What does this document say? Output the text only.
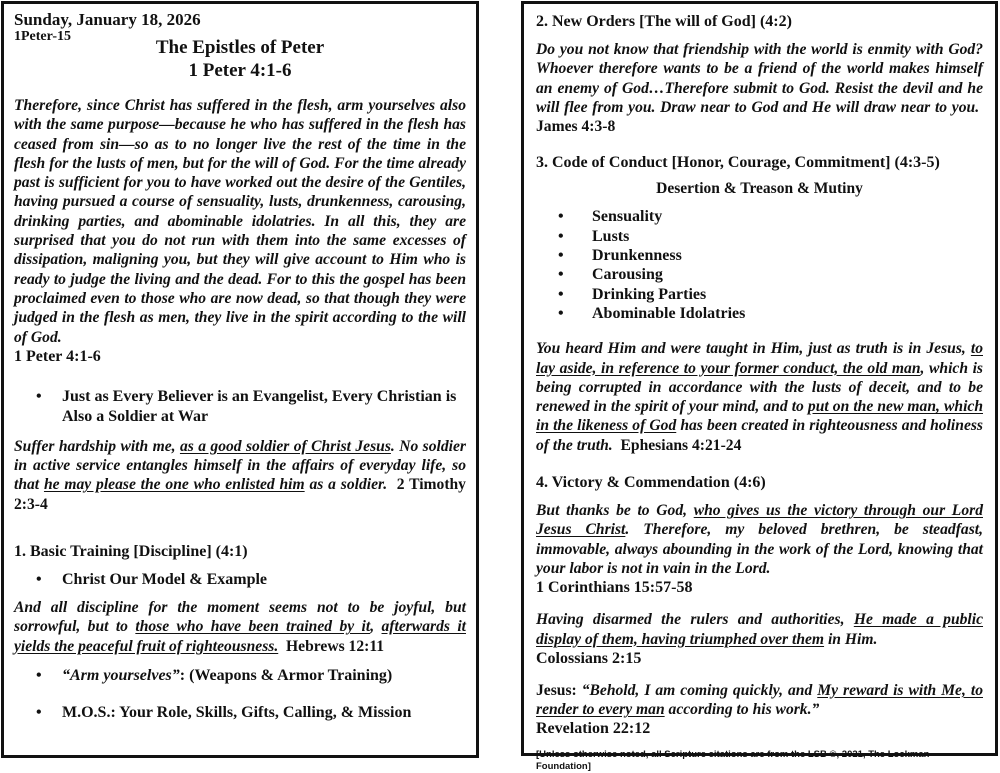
Sunday, January 18, 2026
1Peter-15
The Epistles of Peter
1 Peter 4:1-6

Therefore, since Christ has suffered in the flesh, arm yourselves also with the same purpose—because he who has suffered in the flesh has ceased from sin—so as to no longer live the rest of the time in the flesh for the lusts of men, but for the will of God. For the time already past is sufficient for you to have worked out the desire of the Gentiles, having pursued a course of sensuality, lusts, drunkenness, carousing, drinking parties, and abominable idolatries. In all this, they are surprised that you do not run with them into the same excesses of dissipation, maligning you, but they will give account to Him who is ready to judge the living and the dead. For to this the gospel has been proclaimed even to those who are now dead, so that though they were judged in the flesh as men, they live in the spirit according to the will of God.

1 Peter 4:1-6
• Just as Every Believer is an Evangelist, Every Christian is Also a Soldier at War

Suffer hardship with me, as a good soldier of Christ Jesus. No soldier in active service entangles himself in the affairs of everyday life, so that he may please the one who enlisted him as a soldier. 2 Timothy 2:3-4

1. Basic Training [Discipline] (4:1)
• Christ Our Model & Example

And all discipline for the moment seems not to be joyful, but sorrowful, but to those who have been trained by it, afterwards it yields the peaceful fruit of righteousness. Hebrews 12:11

• “Arm yourselves”: (Weapons & Armor Training)
• M.O.S.: Your Role, Skills, Gifts, Calling, & Mission
2. New Orders [The will of God] (4:2)

Do you not know that friendship with the world is enmity with God? Whoever therefore wants to be a friend of the world makes himself an enemy of God…Therefore submit to God. Resist the devil and he will flee from you. Draw near to God and He will draw near to you.  James 4:3-8

3. Code of Conduct [Honor, Courage, Commitment] (4:3-5)
Desertion & Treason & Mutiny
• Sensuality
• Lusts
• Drunkenness
• Carousing
• Drinking Parties
• Abominable Idolatries

You heard Him and were taught in Him, just as truth is in Jesus, to lay aside, in reference to your former conduct, the old man, which is being corrupted in accordance with the lusts of deceit, and to be renewed in the spirit of your mind, and to put on the new man, which in the likeness of God has been created in righteousness and holiness of the truth. Ephesians 4:21-24

4. Victory & Commendation (4:6)

But thanks be to God, who gives us the victory through our Lord Jesus Christ. Therefore, my beloved brethren, be steadfast, immovable, always abounding in the work of the Lord, knowing that your labor is not in vain in the Lord.

1 Corinthians 15:57-58

Having disarmed the rulers and authorities, He made a public display of them, having triumphed over them in Him.

Colossians 2:15

Jesus: “Behold, I am coming quickly, and My reward is with Me, to render to every man according to his work.”

Revelation 22:12
[Unless otherwise noted, all Scripture citations are from the LSB ©, 2021, The Lockman Foundation]
